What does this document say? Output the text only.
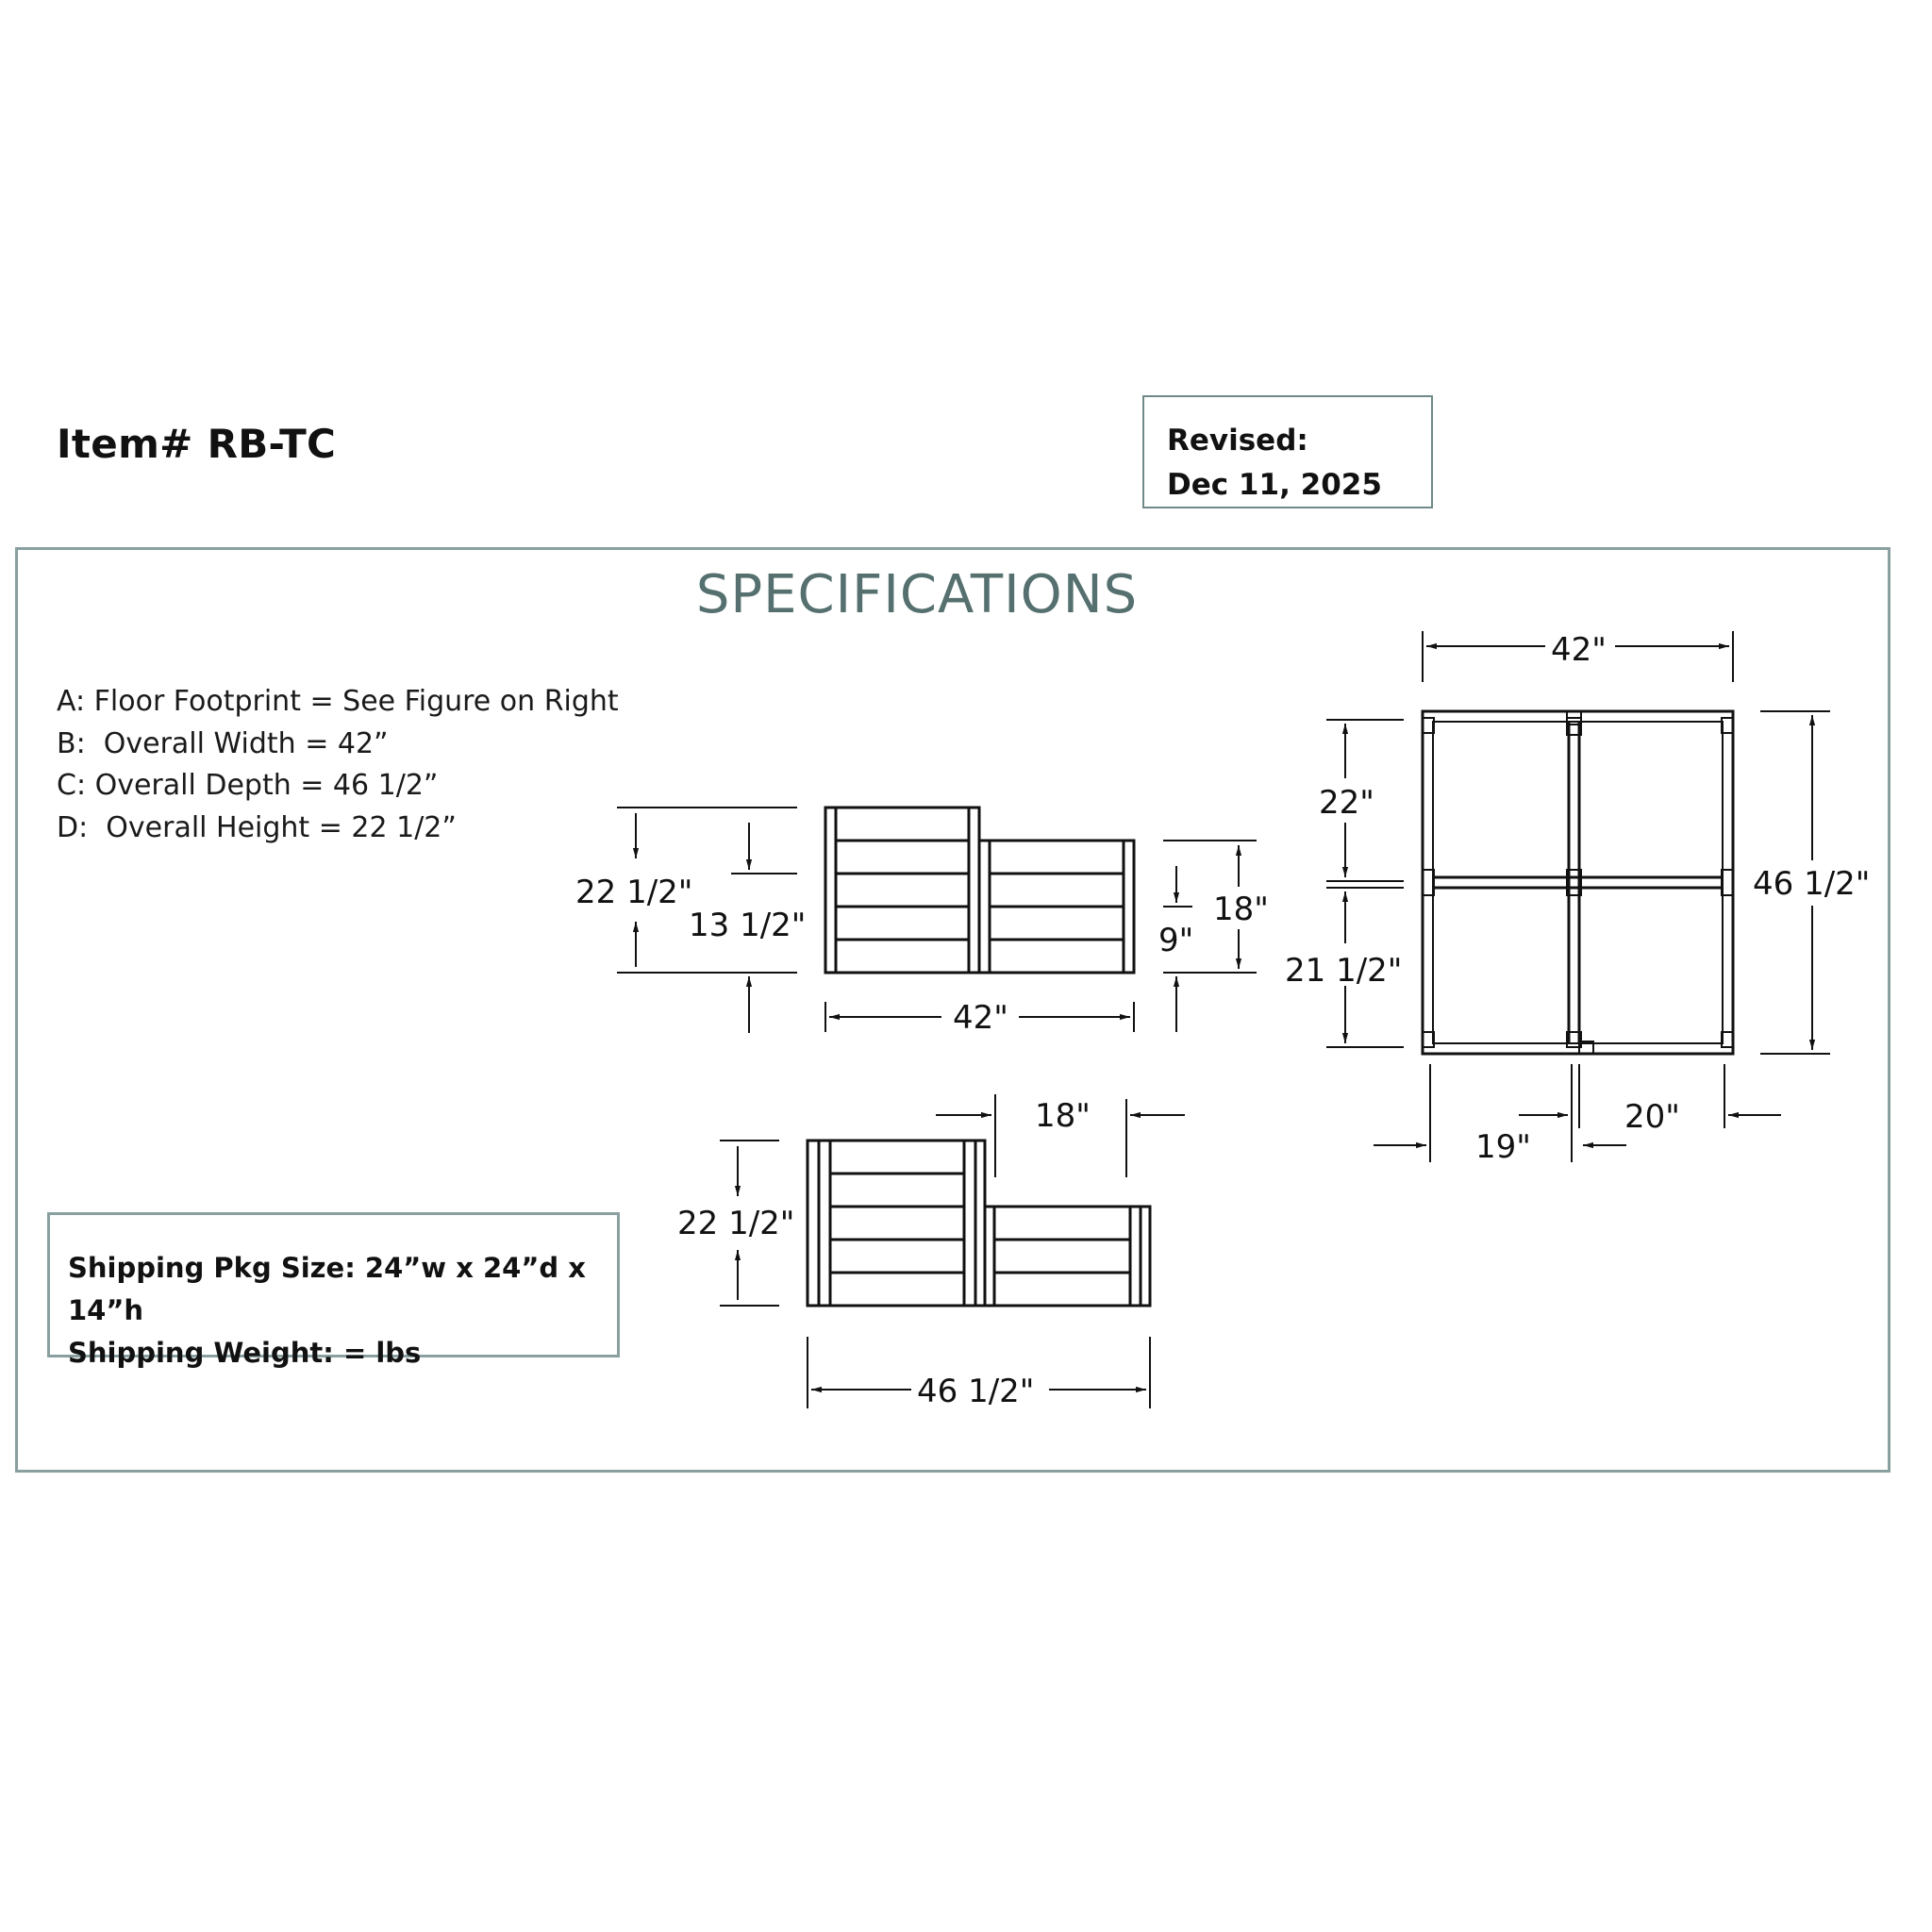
Item# RB-TC	Revised:
Dec 11, 2025
SPECIFICATIONS
A: Floor Footprint = See Figure on Right
B:  Overall Width = 42”
C: Overall Depth = 46 1/2”
D:  Overall Height = 22 1/2”
Shipping Pkg Size: 24”w x 24”d x 14”h
Shipping Weight: = lbs
22 1/2"
13 1/2"	18"
9"
42"
22 1/2"
18"
46 1/2"
42"
46 1/2"
22"
21 1/2"
19"
20"
